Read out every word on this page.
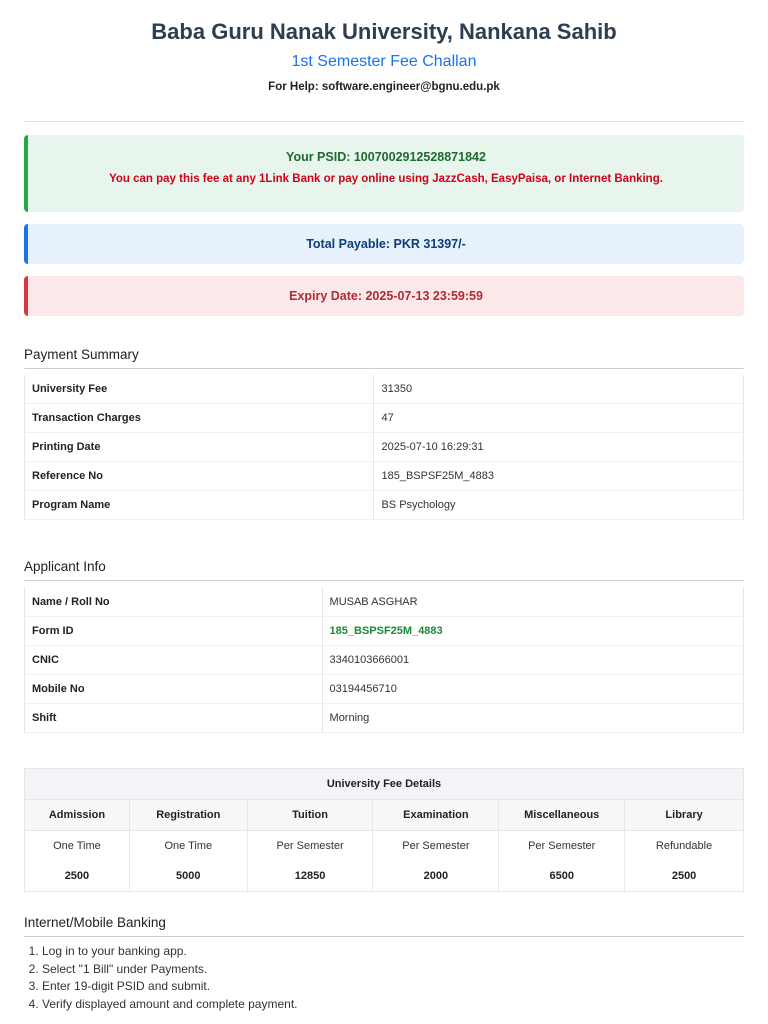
Baba Guru Nanak University, Nankana Sahib
1st Semester Fee Challan
For Help: software.engineer@bgnu.edu.pk
Your PSID: 1007002912528871842
You can pay this fee at any 1Link Bank or pay online using JazzCash, EasyPaisa, or Internet Banking.
Total Payable: PKR 31397/-
Expiry Date: 2025-07-13 23:59:59
Payment Summary
University Fee	31350
Transaction Charges	47
Printing Date	2025-07-10 16:29:31
Reference No	185_BSPSF25M_4883
Program Name	BS Psychology
Applicant Info
Name / Roll No	MUSAB ASGHAR
Form ID	185_BSPSF25M_4883
CNIC	3340103666001
Mobile No	03194456710
Shift	Morning
University Fee Details					
Admission	Registration	Tuition	Examination	Miscellaneous	Library
One Time	One Time	Per Semester	Per Semester	Per Semester	Refundable
2500	5000	12850	2000	6500	2500
Internet/Mobile Banking
1. Log in to your banking app.
2. Select "1 Bill" under Payments.
3. Enter 19-digit PSID and submit.
4. Verify displayed amount and complete payment.
